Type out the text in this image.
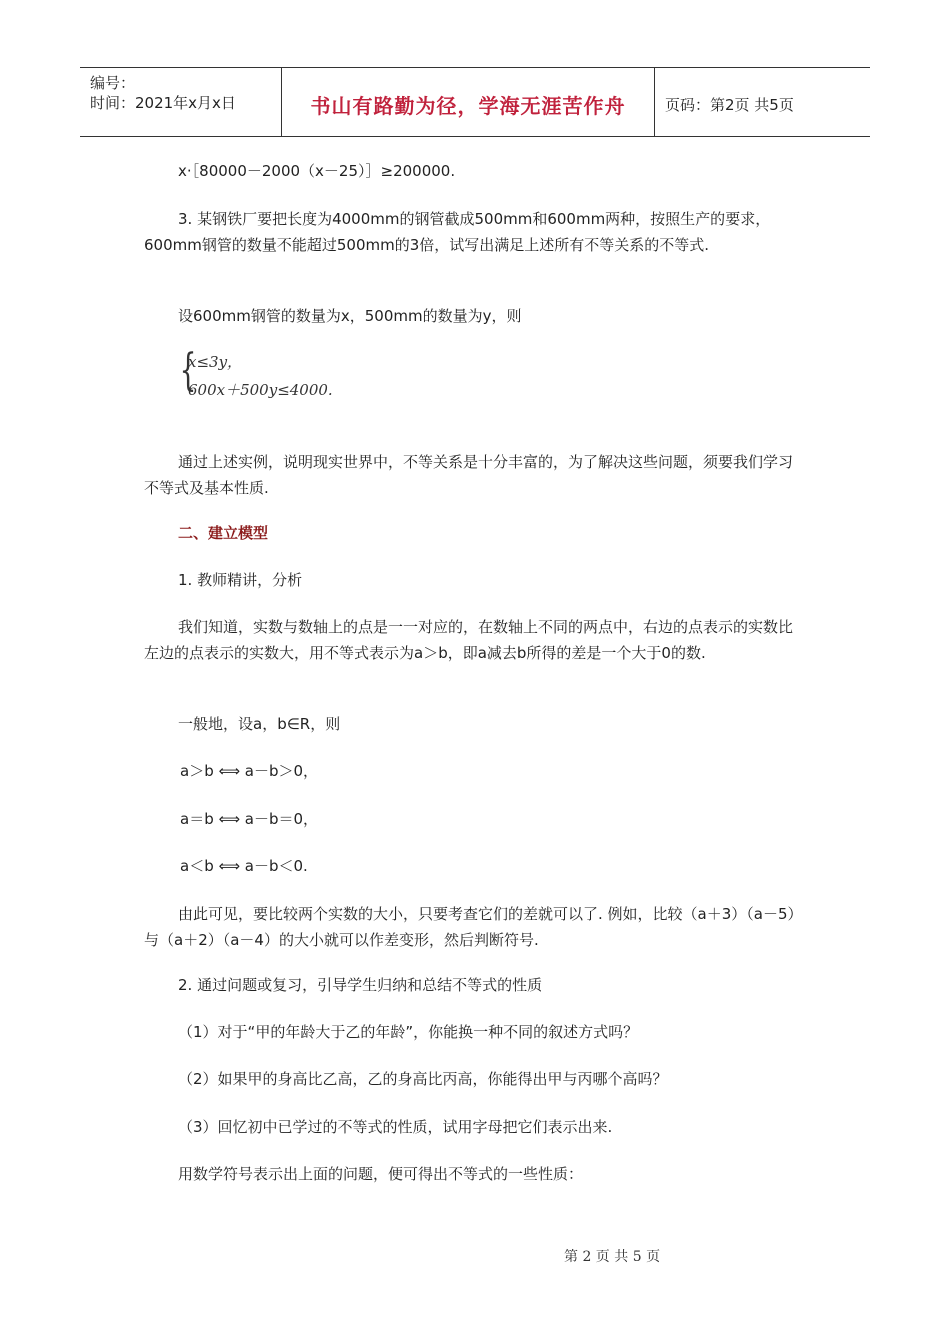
编号：
时间：2021年x月x日	书山有路勤为径，学海无涯苦作舟	页码：第2页 共5页

x·［80000－2000（x－25）］≥200000.

3. 某钢铁厂要把长度为4000mm的钢管截成500mm和600mm两种，按照生产的要求，600mm钢管的数量不能超过500mm的3倍，试写出满足上述所有不等关系的不等式.

设600mm钢管的数量为x，500mm的数量为y，则

{
x≤3y，
600x＋500y≤4000.

通过上述实例，说明现实世界中，不等关系是十分丰富的，为了解决这些问题，须要我们学习不等式及基本性质.

二、建立模型

1. 教师精讲，分析

我们知道，实数与数轴上的点是一一对应的，在数轴上不同的两点中，右边的点表示的实数比左边的点表示的实数大，用不等式表示为a＞b，即a减去b所得的差是一个大于0的数.

一般地，设a，b∈R，则

a＞b ⟺ a－b＞0，

a＝b ⟺ a－b＝0，

a＜b ⟺ a－b＜0.

由此可见，要比较两个实数的大小，只要考查它们的差就可以了. 例如，比较（a＋3）（a－5）与（a＋2）（a－4）的大小就可以作差变形，然后判断符号.

2. 通过问题或复习，引导学生归纳和总结不等式的性质

（1）对于“甲的年龄大于乙的年龄”，你能换一种不同的叙述方式吗？

（2）如果甲的身高比乙高，乙的身高比丙高，你能得出甲与丙哪个高吗？

（3）回忆初中已学过的不等式的性质，试用字母把它们表示出来.

用数学符号表示出上面的问题，便可得出不等式的一些性质：

第 2 页 共 5 页
